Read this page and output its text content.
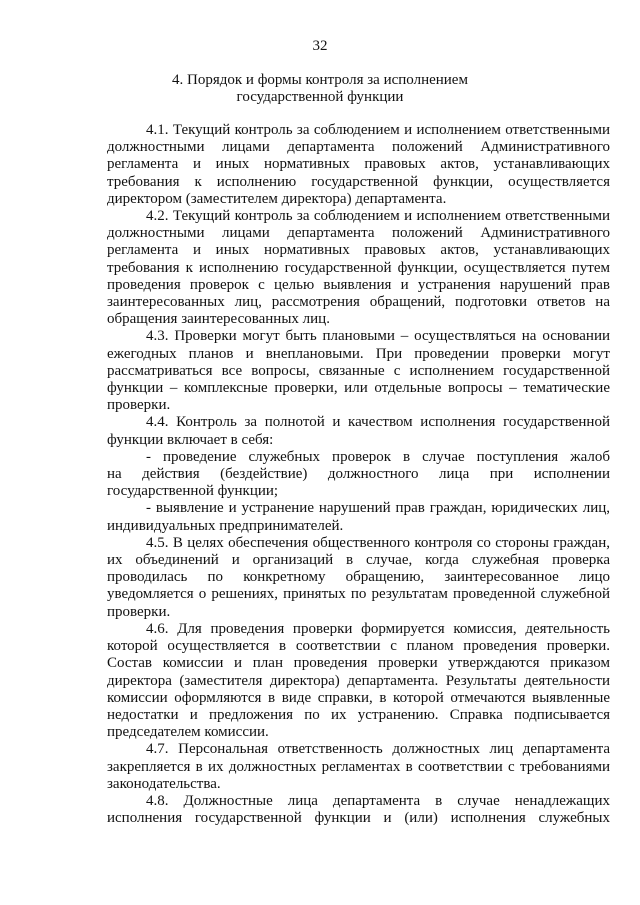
32
4. Порядок и формы контроля за исполнением
государственной функции
4.1. Текущий контроль за соблюдением и исполнением ответственными
должностными лицами департамента положений Административного
регламента и иных нормативных правовых актов, устанавливающих
требования к исполнению государственной функции, осуществляется
директором (заместителем директора) департамента.
4.2. Текущий контроль за соблюдением и исполнением ответственными
должностными лицами департамента положений Административного
регламента и иных нормативных правовых актов, устанавливающих
требования к исполнению государственной функции, осуществляется путем
проведения проверок с целью выявления и устранения нарушений прав
заинтересованных лиц, рассмотрения обращений, подготовки ответов на
обращения заинтересованных лиц.
4.3. Проверки могут быть плановыми – осуществляться на основании
ежегодных планов и внеплановыми. При проведении проверки могут
рассматриваться все вопросы, связанные с исполнением государственной
функции – комплексные проверки, или отдельные вопросы – тематические
проверки.
4.4. Контроль за полнотой и качеством исполнения государственной
функции включает в себя:
- проведение служебных проверок в случае поступления жалоб
на действия (бездействие) должностного лица при исполнении
государственной функции;
- выявление и устранение нарушений прав граждан, юридических лиц,
индивидуальных предпринимателей.
4.5. В целях обеспечения общественного контроля со стороны граждан,
их объединений и организаций в случае, когда служебная проверка
проводилась по конкретному обращению, заинтересованное лицо
уведомляется о решениях, принятых по результатам проведенной служебной
проверки.
4.6. Для проведения проверки формируется комиссия, деятельность
которой осуществляется в соответствии с планом проведения проверки.
Состав комиссии и план проведения проверки утверждаются приказом
директора (заместителя директора) департамента. Результаты деятельности
комиссии оформляются в виде справки, в которой отмечаются выявленные
недостатки и предложения по их устранению. Справка подписывается
председателем комиссии.
4.7. Персональная ответственность должностных лиц департамента
закрепляется в их должностных регламентах в соответствии с требованиями
законодательства.
4.8. Должностные лица департамента в случае ненадлежащих
исполнения государственной функции и (или) исполнения служебных
